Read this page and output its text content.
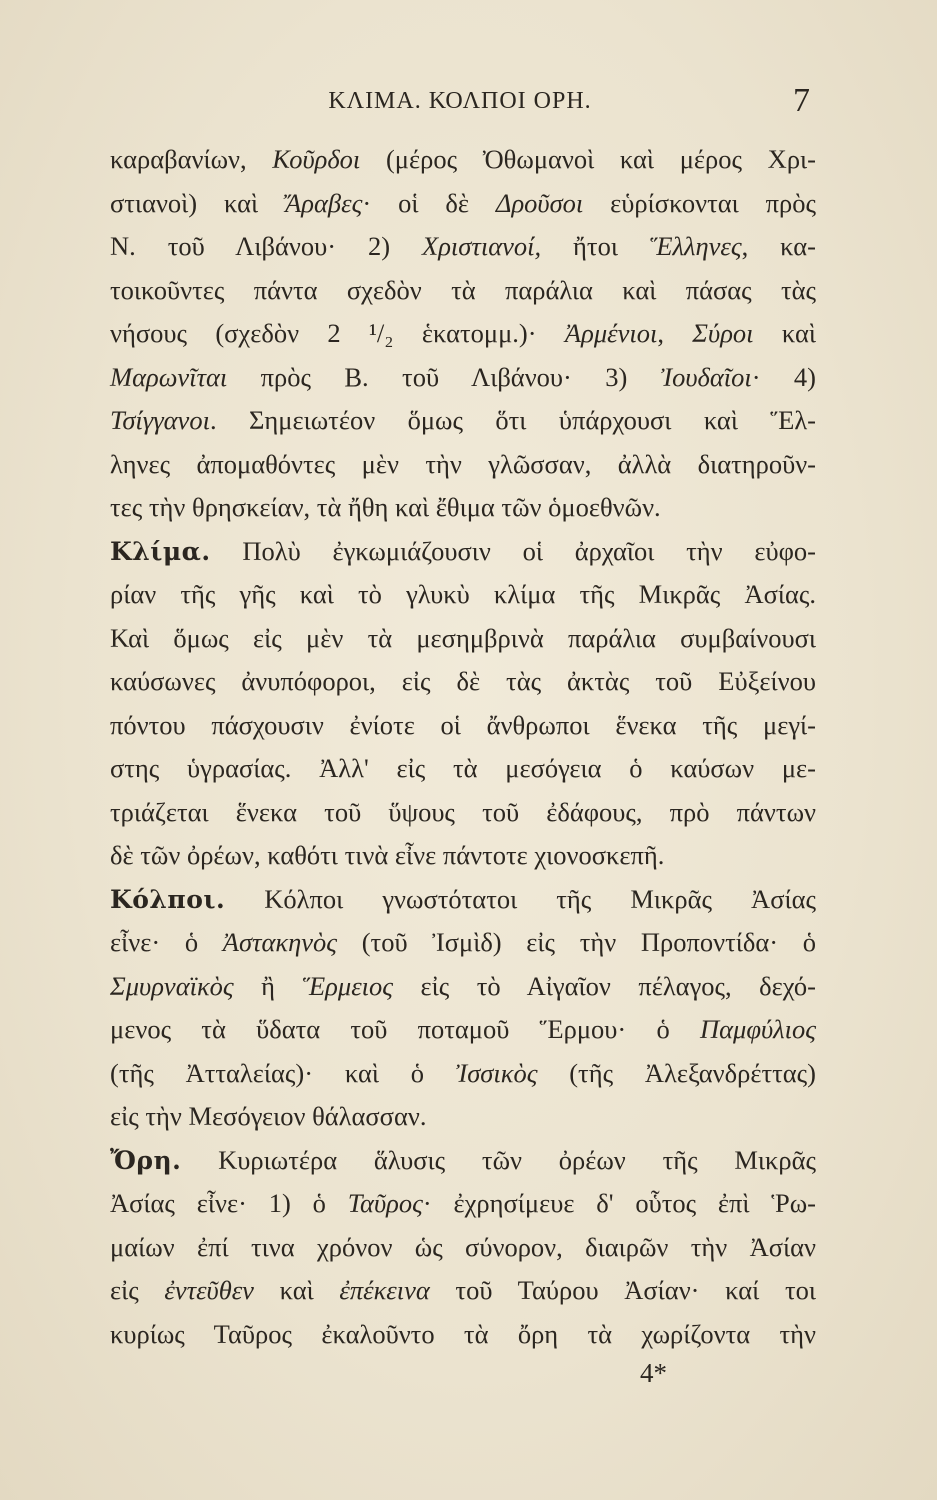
ΚΛΙΜΑ. ΚΟΛΠΟΙ ΟΡΗ.	7
καραβανίων, Κοῦρδοι (μέρος Ὀθωμανοὶ καὶ μέρος Χρι-
στιανοὶ) καὶ Ἄραβες· οἱ δὲ Δροῦσοι εὑρίσκονται πρὸς
Ν. τοῦ Λιβάνου· 2) Χριστιανοί, ἤτοι Ἕλληνες, κα-
τοικοῦντες πάντα σχεδὸν τὰ παράλια καὶ πάσας τὰς
νήσους (σχεδὸν 2 ¹/₂ ἑκατομμ.)· Ἀρμένιοι, Σύροι καὶ
Μαρωνῖται πρὸς Β. τοῦ Λιβάνου· 3) Ἰουδαῖοι· 4)
Τσίγγανοι. Σημειωτέον ὅμως ὅτι ὑπάρχουσι καὶ Ἕλ-
ληνες ἀπομαθόντες μὲν τὴν γλῶσσαν, ἀλλὰ διατηροῦν-
τες τὴν θρησκείαν, τὰ ἤθη καὶ ἔθιμα τῶν ὁμοεθνῶν.
Κλίμα. Πολὺ ἐγκωμιάζουσιν οἱ ἀρχαῖοι τὴν εὐφο-
ρίαν τῆς γῆς καὶ τὸ γλυκὺ κλίμα τῆς Μικρᾶς Ἀσίας.
Καὶ ὅμως εἰς μὲν τὰ μεσημβρινὰ παράλια συμβαίνουσι
καύσωνες ἀνυπόφοροι, εἰς δὲ τὰς ἀκτὰς τοῦ Εὐξείνου
πόντου πάσχουσιν ἐνίοτε οἱ ἄνθρωποι ἕνεκα τῆς μεγί-
στης ὑγρασίας. Ἀλλ' εἰς τὰ μεσόγεια ὁ καύσων με-
τριάζεται ἕνεκα τοῦ ὕψους τοῦ ἐδάφους, πρὸ πάντων
δὲ τῶν ὀρέων, καθότι τινὰ εἶνε πάντοτε χιονοσκεπῆ.
Κόλποι. Κόλποι γνωστότατοι τῆς Μικρᾶς Ἀσίας
εἶνε· ὁ Ἀστακηνὸς (τοῦ Ἰσμὶδ) εἰς τὴν Προποντίδα· ὁ
Σμυρναϊκὸς ἢ Ἕρμειος εἰς τὸ Αἰγαῖον πέλαγος, δεχό-
μενος τὰ ὕδατα τοῦ ποταμοῦ Ἕρμου· ὁ Παμφύλιος
(τῆς Ἀτταλείας)· καὶ ὁ Ἰσσικὸς (τῆς Ἀλεξανδρέττας)
εἰς τὴν Μεσόγειον θάλασσαν.
Ὄρη. Κυριωτέρα ἅλυσις τῶν ὀρέων τῆς Μικρᾶς
Ἀσίας εἶνε· 1) ὁ Ταῦρος· ἐχρησίμευε δ' οὗτος ἐπὶ Ῥω-
μαίων ἐπί τινα χρόνον ὡς σύνορον, διαιρῶν τὴν Ἀσίαν
εἰς ἐντεῦθεν καὶ ἐπέκεινα τοῦ Ταύρου Ἀσίαν· καί τοι
κυρίως Ταῦρος ἐκαλοῦντο τὰ ὄρη τὰ χωρίζοντα τὴν
4*
